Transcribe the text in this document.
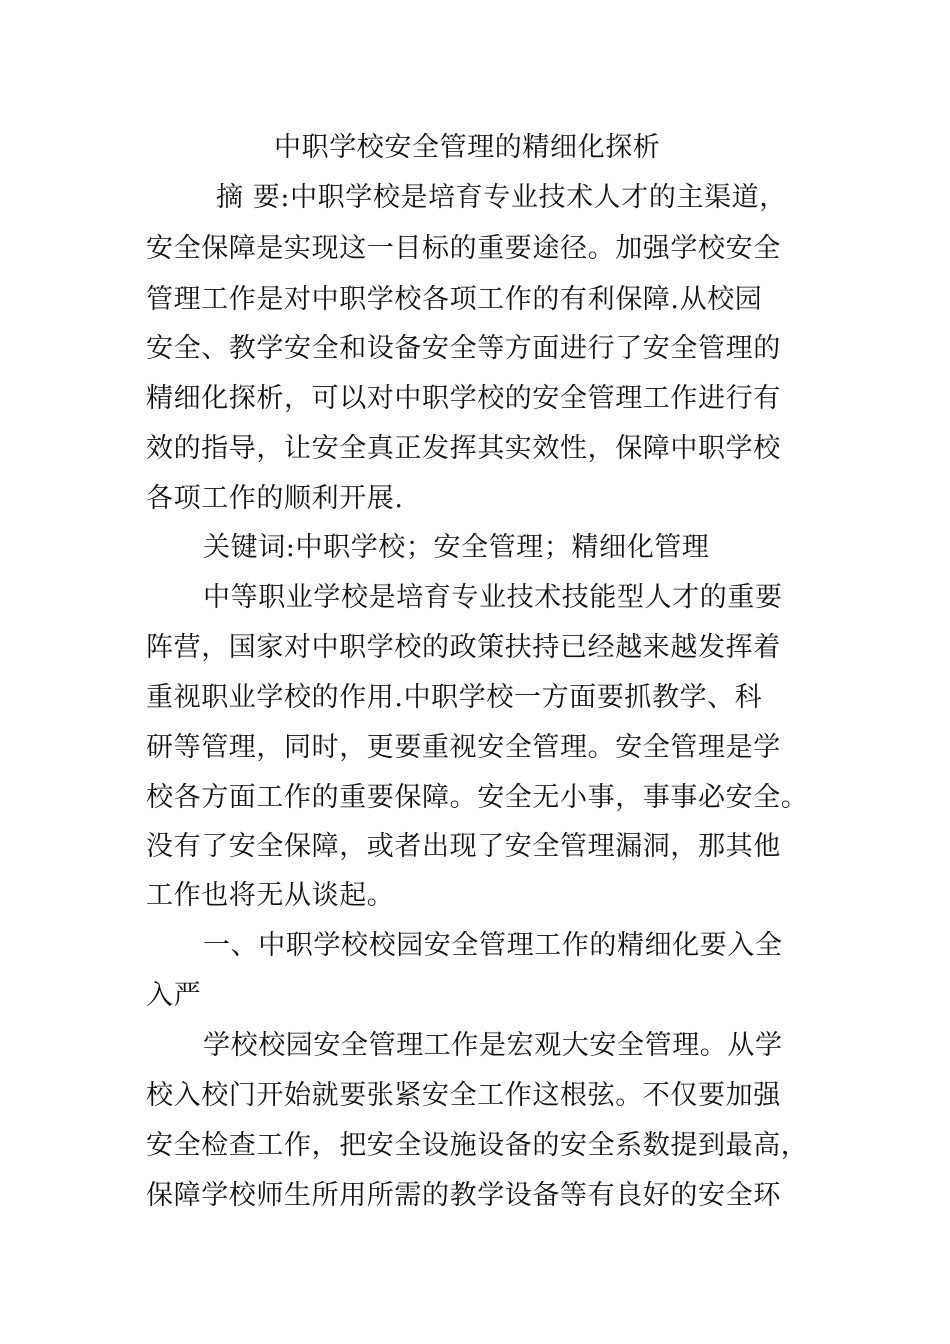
中职学校安全管理的精细化探析
摘 要:中职学校是培育专业技术人才的主渠道，
安全保障是实现这一目标的重要途径。加强学校安全
管理工作是对中职学校各项工作的有利保障.从校园
安全、教学安全和设备安全等方面进行了安全管理的
精细化探析，可以对中职学校的安全管理工作进行有
效的指导，让安全真正发挥其实效性，保障中职学校
各项工作的顺利开展.
关键词:中职学校；安全管理；精细化管理
中等职业学校是培育专业技术技能型人才的重要
阵营，国家对中职学校的政策扶持已经越来越发挥着
重视职业学校的作用.中职学校一方面要抓教学、科
研等管理，同时，更要重视安全管理。安全管理是学
校各方面工作的重要保障。安全无小事，事事必安全。
没有了安全保障，或者出现了安全管理漏洞，那其他
工作也将无从谈起。
一、中职学校校园安全管理工作的精细化要入全
入严
学校校园安全管理工作是宏观大安全管理。从学
校入校门开始就要张紧安全工作这根弦。不仅要加强
安全检查工作，把安全设施设备的安全系数提到最高，
保障学校师生所用所需的教学设备等有良好的安全环
